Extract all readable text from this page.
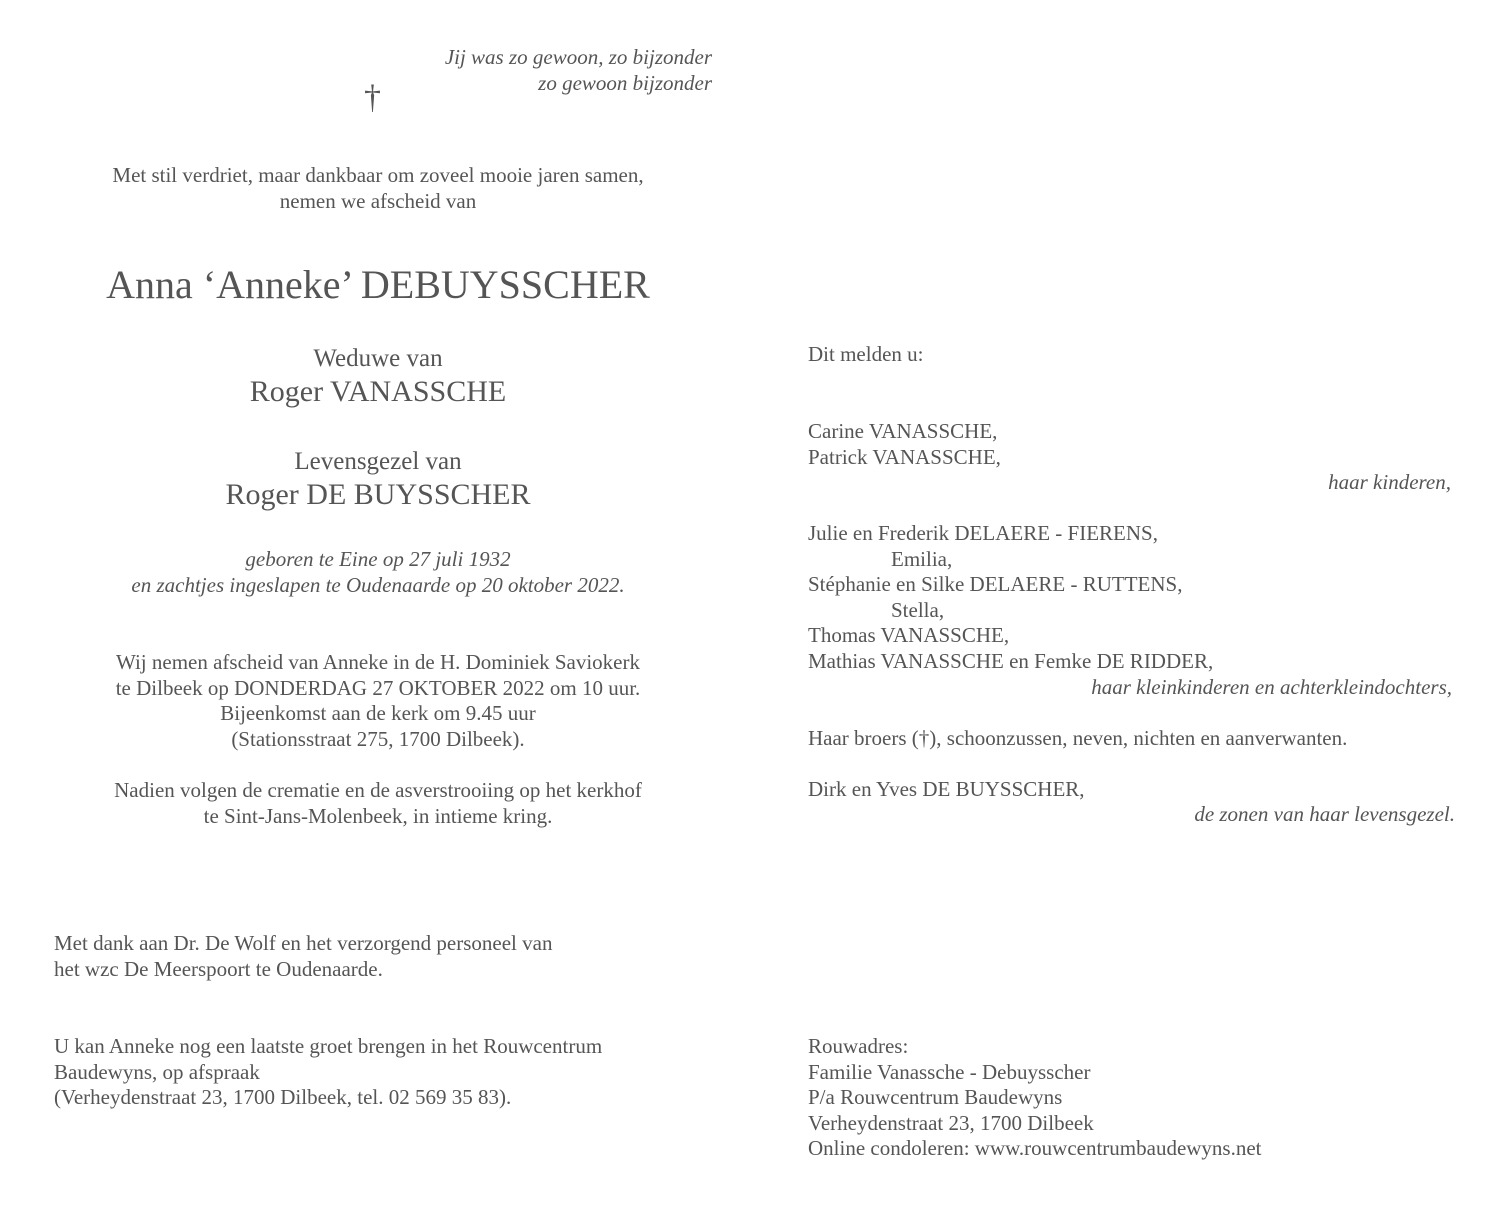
Jij was zo gewoon, zo bijzonder
zo gewoon bijzonder
†
Met stil verdriet, maar dankbaar om zoveel mooie jaren samen,
nemen we afscheid van
Anna ‘Anneke’ DEBUYSSCHER
Weduwe van
Roger VANASSCHE
Levensgezel van
Roger DE BUYSSCHER
geboren te Eine op 27 juli 1932
en zachtjes ingeslapen te Oudenaarde op 20 oktober 2022.
Wij nemen afscheid van Anneke in de H. Dominiek Saviokerk
te Dilbeek op DONDERDAG 27 OKTOBER 2022 om 10 uur.
Bijeenkomst aan de kerk om 9.45 uur
(Stationsstraat 275, 1700 Dilbeek).
Nadien volgen de crematie en de asverstrooiing op het kerkhof
te Sint-Jans-Molenbeek, in intieme kring.
Met dank aan Dr. De Wolf en het verzorgend personeel van
het wzc De Meerspoort te Oudenaarde.
U kan Anneke nog een laatste groet brengen in het Rouwcentrum
Baudewyns, op afspraak
(Verheydenstraat 23, 1700 Dilbeek, tel. 02 569 35 83).
Dit melden u:
Carine VANASSCHE,
Patrick VANASSCHE,
haar kinderen,
Julie en Frederik DELAERE - FIERENS,
Emilia,
Stéphanie en Silke DELAERE - RUTTENS,
Stella,
Thomas VANASSCHE,
Mathias VANASSCHE en Femke DE RIDDER,
haar kleinkinderen en achterkleindochters,
Haar broers (†), schoonzussen, neven, nichten en aanverwanten.
Dirk en Yves DE BUYSSCHER,
de zonen van haar levensgezel.
Rouwadres:
Familie Vanassche - Debuysscher
P/a Rouwcentrum Baudewyns
Verheydenstraat 23, 1700 Dilbeek
Online condoleren: www.rouwcentrumbaudewyns.net
